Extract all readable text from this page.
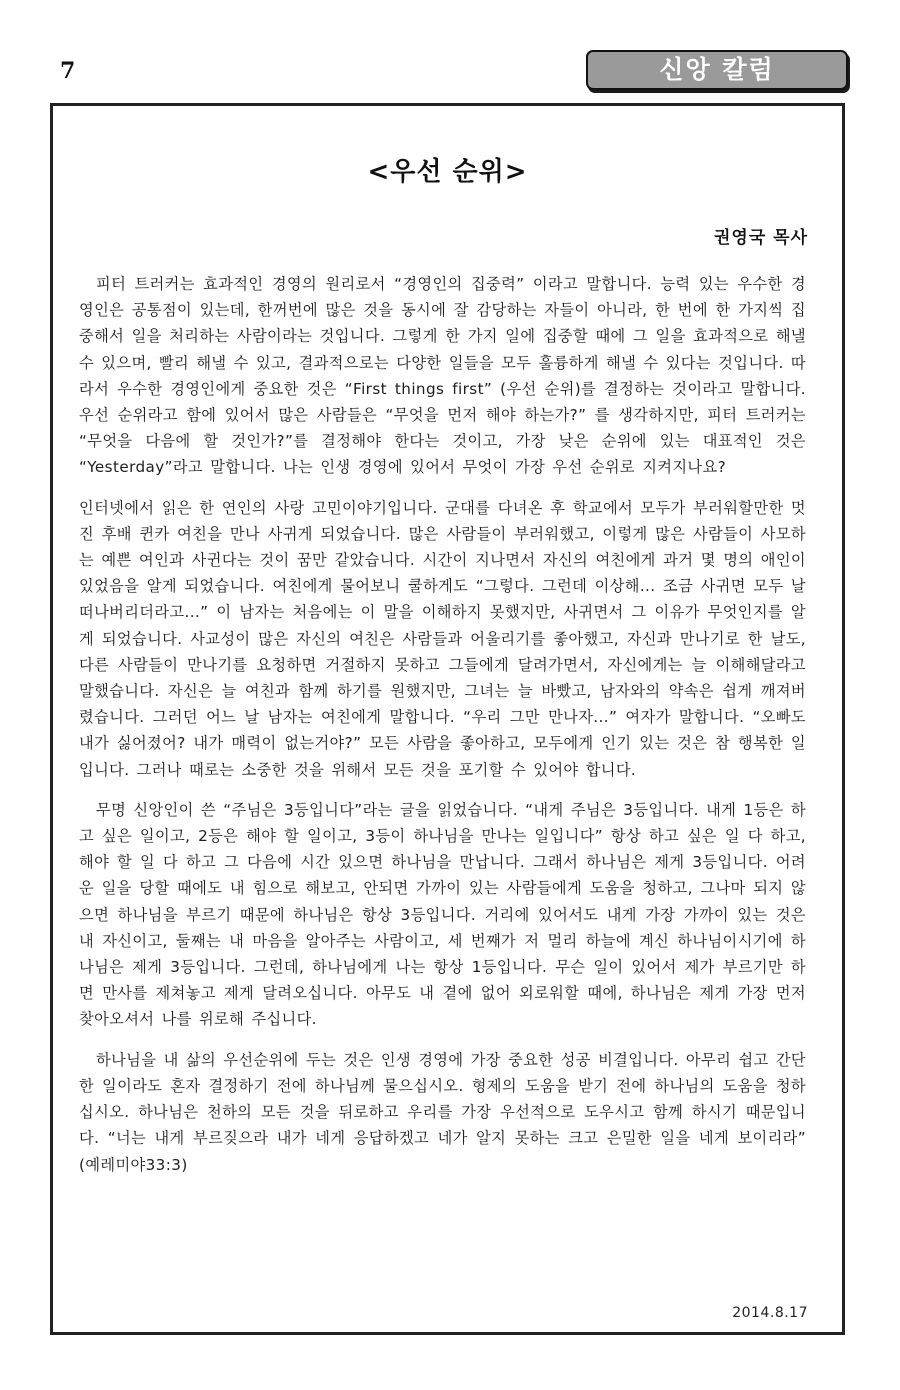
7	신앙 칼럼
<우선 순위>
권영국 목사

피터 트러커는 효과적인 경영의 원리로서 “경영인의 집중력” 이라고 말합니다. 능력 있는 우수한 경영인은 공통점이 있는데, 한꺼번에 많은 것을 동시에 잘 감당하는 자들이 아니라, 한 번에 한 가지씩 집중해서 일을 처리하는 사람이라는 것입니다. 그렇게 한 가지 일에 집중할 때에 그 일을 효과적으로 해낼 수 있으며, 빨리 해낼 수 있고, 결과적으로는 다양한 일들을 모두 훌륭하게 해낼 수 있다는 것입니다. 따라서 우수한 경영인에게 중요한 것은 “First things first” (우선 순위)를 결정하는 것이라고 말합니다. 우선 순위라고 함에 있어서 많은 사람들은 “무엇을 먼저 해야 하는가?” 를 생각하지만, 피터 트러커는 “무엇을 다음에 할 것인가?”를 결정해야 한다는 것이고, 가장 낮은 순위에 있는 대표적인 것은 “Yesterday”라고 말합니다. 나는 인생 경영에 있어서 무엇이 가장 우선 순위로 지켜지나요?

인터넷에서 읽은 한 연인의 사랑 고민이야기입니다. 군대를 다녀온 후 학교에서 모두가 부러워할만한 멋진 후배 퀸카 여친을 만나 사귀게 되었습니다. 많은 사람들이 부러워했고, 이렇게 많은 사람들이 사모하는 예쁜 여인과 사귄다는 것이 꿈만 같았습니다. 시간이 지나면서 자신의 여친에게 과거 몇 명의 애인이 있었음을 알게 되었습니다. 여친에게 물어보니 쿨하게도 “그렇다. 그런데 이상해... 조금 사귀면 모두 날 떠나버리더라고...” 이 남자는 처음에는 이 말을 이해하지 못했지만, 사귀면서 그 이유가 무엇인지를 알게 되었습니다. 사교성이 많은 자신의 여친은 사람들과 어울리기를 좋아했고, 자신과 만나기로 한 날도, 다른 사람들이 만나기를 요청하면 거절하지 못하고 그들에게 달려가면서, 자신에게는 늘 이해해달라고 말했습니다. 자신은 늘 여친과 함께 하기를 원했지만, 그녀는 늘 바빴고, 남자와의 약속은 쉽게 깨져버렸습니다. 그러던 어느 날 남자는 여친에게 말합니다. “우리 그만 만나자...” 여자가 말합니다. “오빠도 내가 싫어졌어? 내가 매력이 없는거야?” 모든 사람을 좋아하고, 모두에게 인기 있는 것은 참 행복한 일입니다. 그러나 때로는 소중한 것을 위해서 모든 것을 포기할 수 있어야 합니다.

무명 신앙인이 쓴 “주님은 3등입니다”라는 글을 읽었습니다. “내게 주님은 3등입니다. 내게 1등은 하고 싶은 일이고, 2등은 해야 할 일이고, 3등이 하나님을 만나는 일입니다” 항상 하고 싶은 일 다 하고, 해야 할 일 다 하고 그 다음에 시간 있으면 하나님을 만납니다. 그래서 하나님은 제게 3등입니다. 어려운 일을 당할 때에도 내 힘으로 해보고, 안되면 가까이 있는 사람들에게 도움을 청하고, 그나마 되지 않으면 하나님을 부르기 때문에 하나님은 항상 3등입니다. 거리에 있어서도 내게 가장 가까이 있는 것은 내 자신이고, 둘째는 내 마음을 알아주는 사람이고, 세 번째가 저 멀리 하늘에 계신 하나님이시기에 하나님은 제게 3등입니다. 그런데, 하나님에게 나는 항상 1등입니다. 무슨 일이 있어서 제가 부르기만 하면 만사를 제쳐놓고 제게 달려오십니다. 아무도 내 곁에 없어 외로워할 때에, 하나님은 제게 가장 먼저 찾아오셔서 나를 위로해 주십니다.

하나님을 내 삶의 우선순위에 두는 것은 인생 경영에 가장 중요한 성공 비결입니다. 아무리 쉽고 간단한 일이라도 혼자 결정하기 전에 하나님께 물으십시오. 형제의 도움을 받기 전에 하나님의 도움을 청하십시오. 하나님은 천하의 모든 것을 뒤로하고 우리를 가장 우선적으로 도우시고 함께 하시기 때문입니다. “너는 내게 부르짖으라 내가 네게 응답하겠고 네가 알지 못하는 크고 은밀한 일을 네게 보이리라” (예레미야33:3)

2014.8.17
